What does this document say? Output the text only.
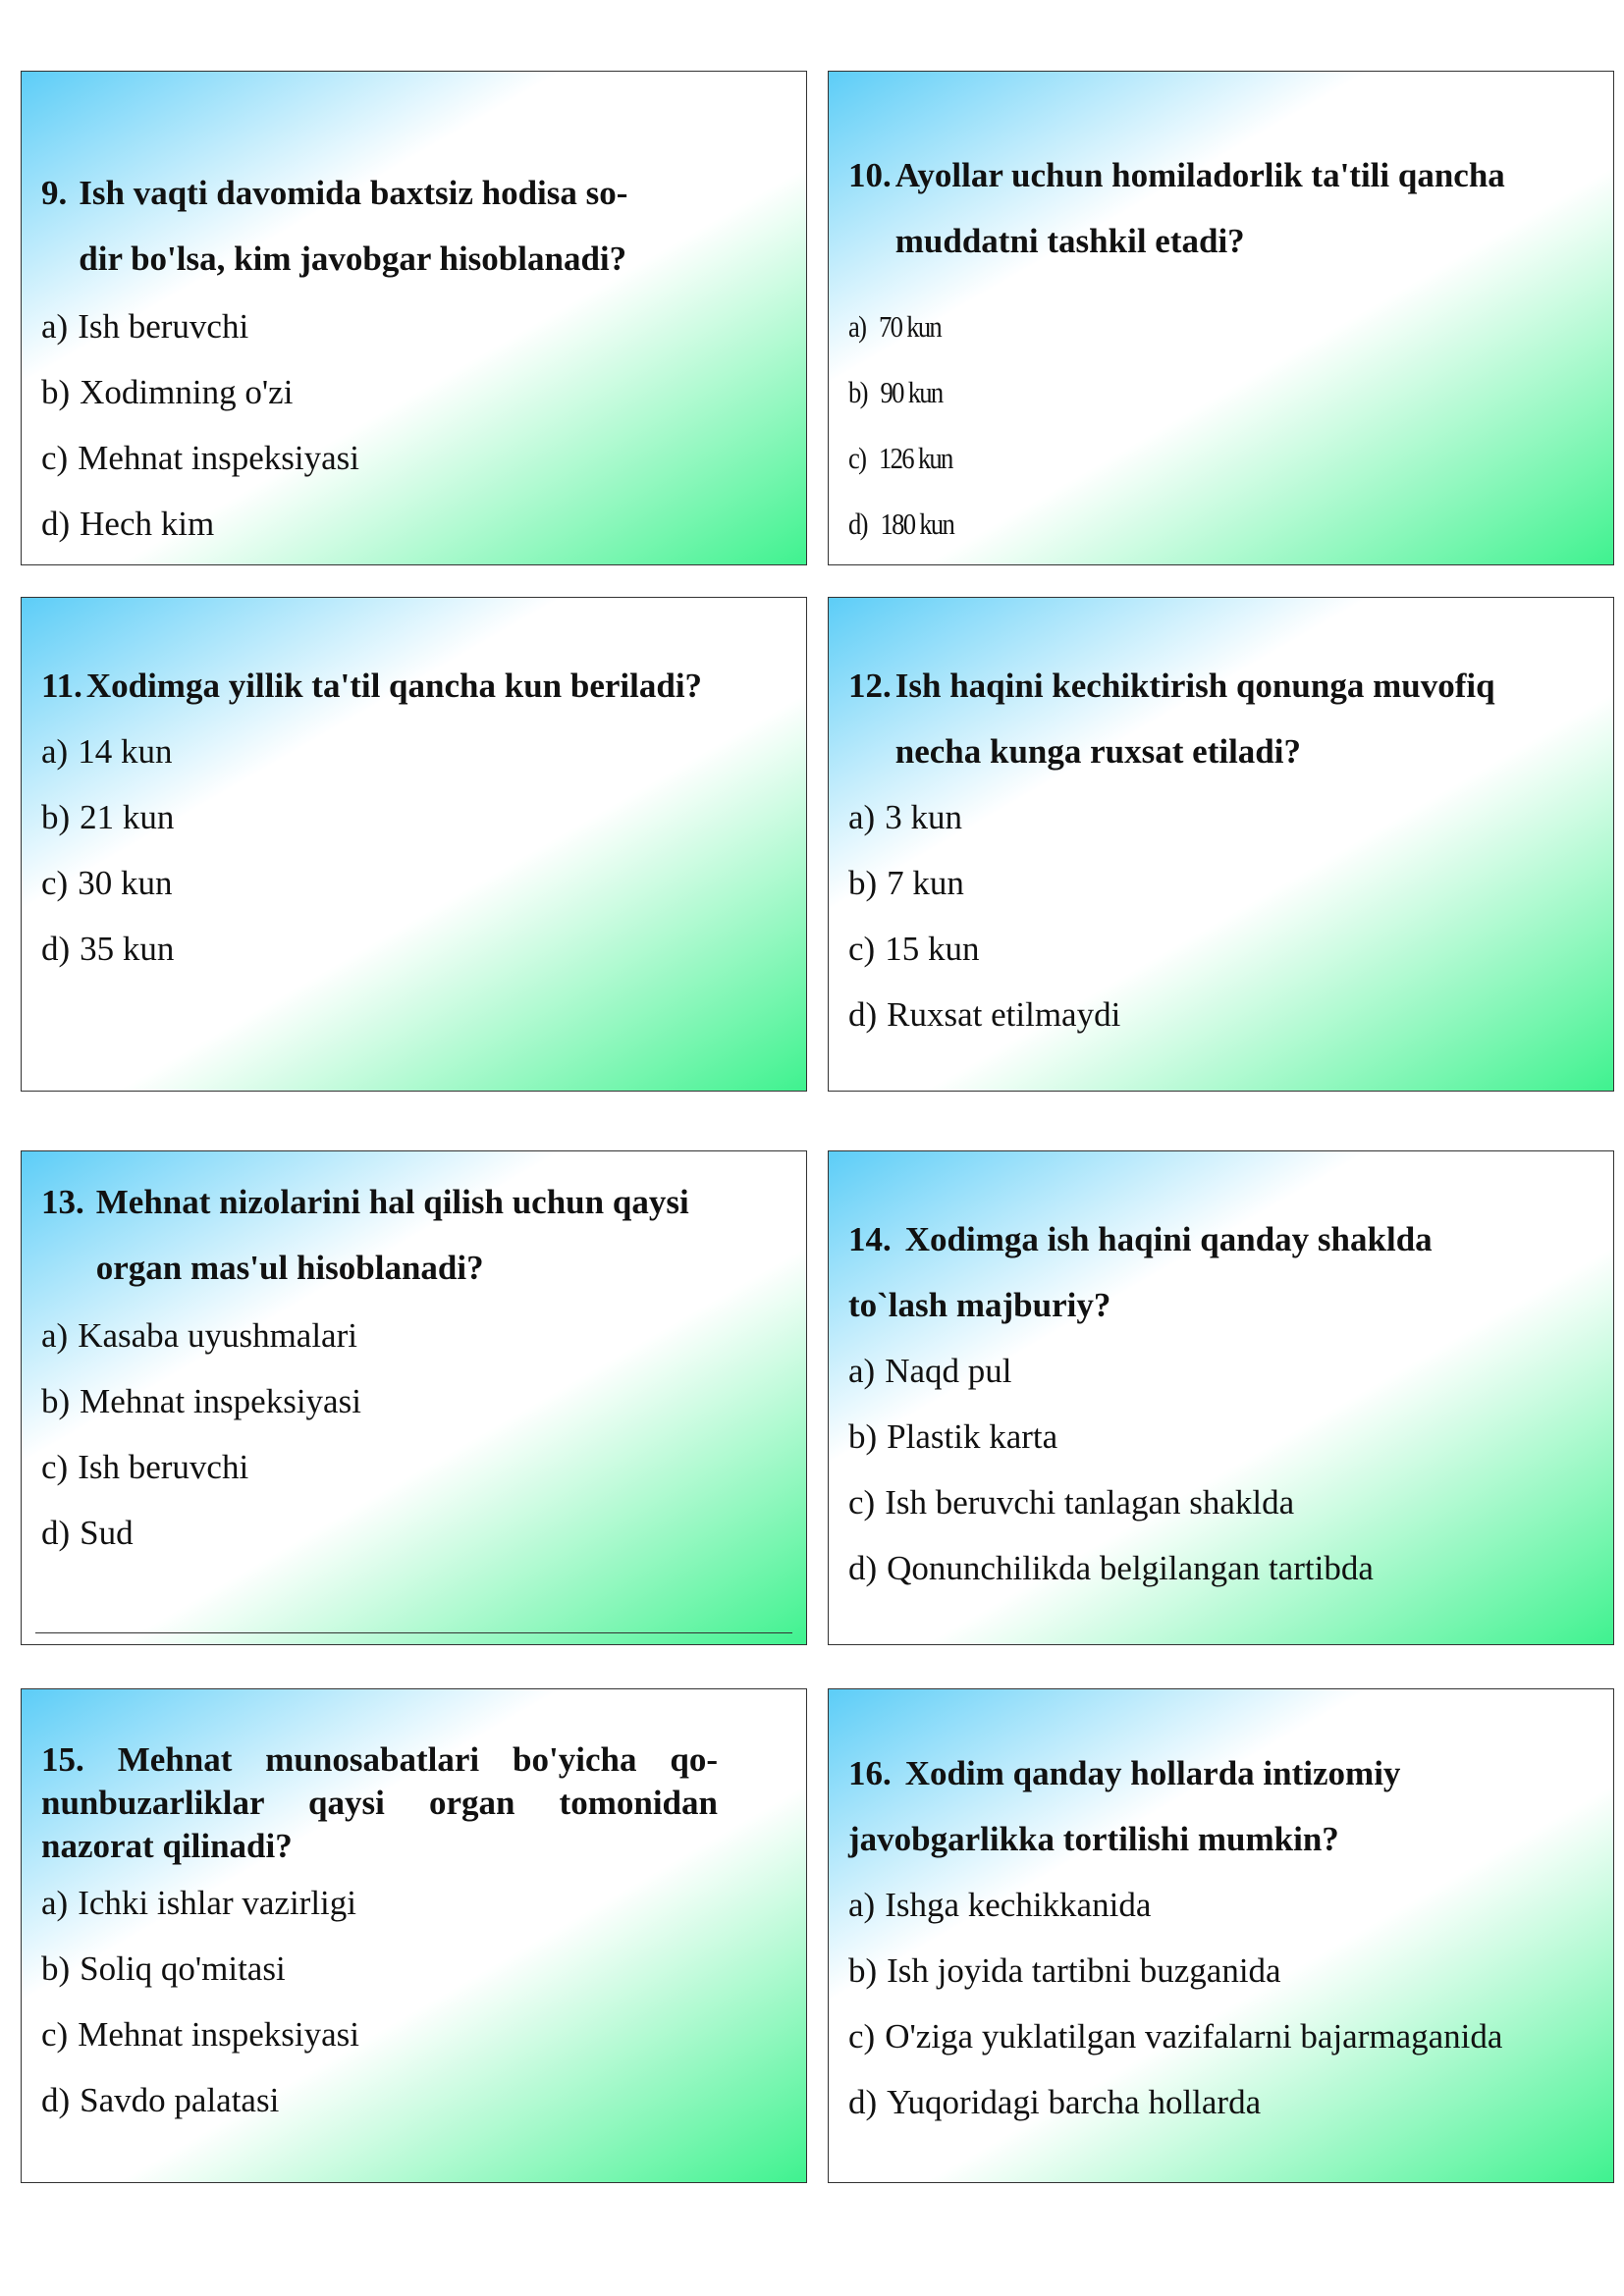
9. Ish vaqti davomida baxtsiz hodisa so-
dir bo'lsa, kim javobgar hisoblanadi?
a) Ish beruvchi
b) Xodimning o'zi
c) Mehnat inspeksiyasi
d) Hech kim
10. Ayollar uchun homiladorlik ta'tili qancha
muddatni tashkil etadi?
a) 70 kun
b) 90 kun
c) 126 kun
d) 180 kun
11. Xodimga yillik ta'til qancha kun beriladi?
a) 14 kun
b) 21 kun
c) 30 kun
d) 35 kun
12. Ish haqini kechiktirish qonunga muvofiq
necha kunga ruxsat etiladi?
a) 3 kun
b) 7 kun
c) 15 kun
d) Ruxsat etilmaydi
13. Mehnat nizolarini hal qilish uchun qaysi
organ mas'ul hisoblanadi?
a) Kasaba uyushmalari
b) Mehnat inspeksiyasi
c) Ish beruvchi
d) Sud
14. Xodimga ish haqini qanday shaklda
to`lash majburiy?
a) Naqd pul
b) Plastik karta
c) Ish beruvchi tanlagan shaklda
d) Qonunchilikda belgilangan tartibda
15. Mehnat munosabatlari bo'yicha qo- nunbuzarliklar qaysi organ tomonidan nazorat qilinadi?
a) Ichki ishlar vazirligi
b) Soliq qo'mitasi
c) Mehnat inspeksiyasi
d) Savdo palatasi
16. Xodim qanday hollarda intizomiy
javobgarlikka tortilishi mumkin?
a) Ishga kechikkanida
b) Ish joyida tartibni buzganida
c) O'ziga yuklatilgan vazifalarni bajarmaganida
d) Yuqoridagi barcha hollarda
